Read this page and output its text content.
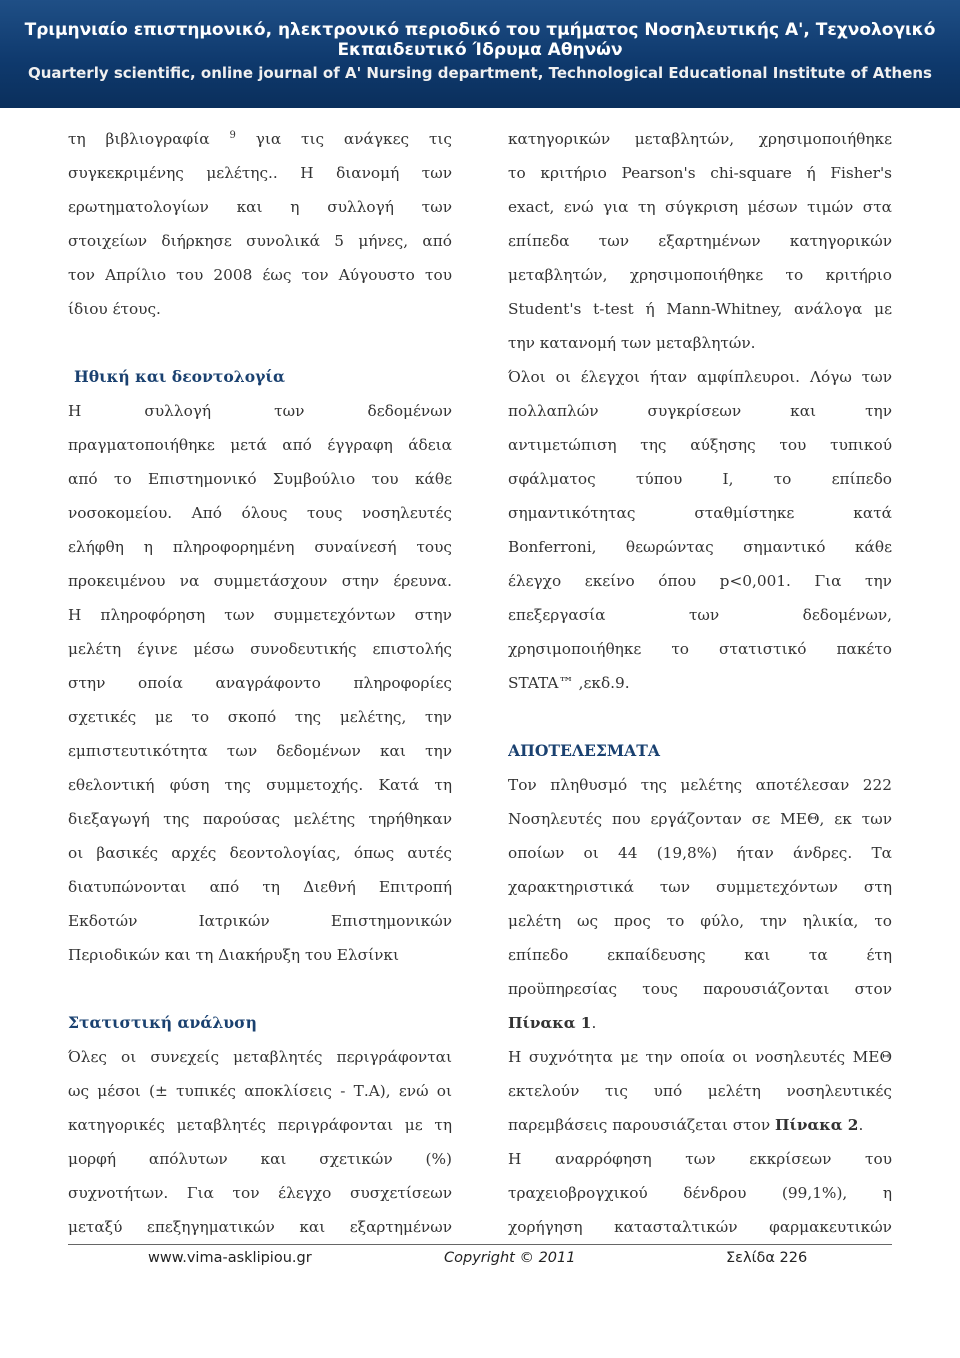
Τριμηνιαίο επιστημονικό, ηλεκτρονικό περιοδικό του τμήματος Νοσηλευτικής Α', Τεχνολογικό Εκπαιδευτικό Ίδρυμα Αθηνών
Quarterly scientific, online journal of A' Nursing department, Technological Educational Institute of Athens
τη βιβλιογραφία $^9$ για τις ανάγκες τις
συγκεκριμένης μελέτης.. Η διανομή των
ερωτηματολογίων και η συλλογή των
στοιχείων διήρκησε συνολικά 5 μήνες, από
τον Απρίλιο του 2008 έως τον Αύγουστο του
ίδιου έτους.
Ηθική και δεοντολογία
Η συλλογή των δεδομένων
πραγματοποιήθηκε μετά από έγγραφη άδεια
από το Επιστημονικό Συμβούλιο του κάθε
νοσοκομείου. Από όλους τους νοσηλευτές
ελήφθη η πληροφορημένη συναίνεσή τους
προκειμένου να συμμετάσχουν στην έρευνα.
Η πληροφόρηση των συμμετεχόντων στην
μελέτη έγινε μέσω συνοδευτικής επιστολής
στην οποία αναγράφοντο πληροφορίες
σχετικές με το σκοπό της μελέτης, την
εμπιστευτικότητα των δεδομένων και την
εθελοντική φύση της συμμετοχής. Κατά τη
διεξαγωγή της παρούσας μελέτης τηρήθηκαν
οι βασικές αρχές δεοντολογίας, όπως αυτές
διατυπώνονται από τη Διεθνή Επιτροπή
Εκδοτών Ιατρικών Επιστημονικών
Περιοδικών και τη Διακήρυξη του Ελσίνκι
Στατιστική ανάλυση
Όλες οι συνεχείς μεταβλητές περιγράφονται
ως μέσοι (± τυπικές αποκλίσεις - Τ.Α), ενώ οι
κατηγορικές μεταβλητές περιγράφονται με τη
μορφή απόλυτων και σχετικών (%)
συχνοτήτων. Για τον έλεγχο συσχετίσεων
μεταξύ επεξηγηματικών και εξαρτημένων
κατηγορικών μεταβλητών, χρησιμοποιήθηκε
το κριτήριο Pearson's chi-square ή Fisher's
exact, ενώ για τη σύγκριση μέσων τιμών στα
επίπεδα των εξαρτημένων κατηγορικών
μεταβλητών, χρησιμοποιήθηκε το κριτήριο
Student's t-test ή Mann-Whitney, ανάλογα με
την κατανομή των μεταβλητών.
Όλοι οι έλεγχοι ήταν αμφίπλευροι. Λόγω των
πολλαπλών συγκρίσεων και την
αντιμετώπιση της αύξησης του τυπικού
σφάλματος τύπου Ι, το επίπεδο
σημαντικότητας σταθμίστηκε κατά
Bonferroni, θεωρώντας σημαντικό κάθε
έλεγχο εκείνο όπου p<0,001. Για την
επεξεργασία των δεδομένων,
χρησιμοποιήθηκε το στατιστικό πακέτο
STATA™ ,εκδ.9.
ΑΠΟΤΕΛΕΣΜΑΤΑ
Τον πληθυσμό της μελέτης αποτέλεσαν 222
Νοσηλευτές που εργάζονταν σε ΜΕΘ, εκ των
οποίων οι 44 (19,8%) ήταν άνδρες. Τα
χαρακτηριστικά των συμμετεχόντων στη
μελέτη ως προς το φύλο, την ηλικία, το
επίπεδο εκπαίδευσης και τα έτη
προϋπηρεσίας τους παρουσιάζονται στον
Πίνακα 1.
Η συχνότητα με την οποία οι νοσηλευτές ΜΕΘ
εκτελούν τις υπό μελέτη νοσηλευτικές
παρεμβάσεις παρουσιάζεται στον Πίνακα 2.
Η αναρρόφηση των εκκρίσεων του
τραχειοβρογχικού δένδρου (99,1%), η
χορήγηση κατασταλτικών φαρμακευτικών
www.vima-asklipiou.gr	Copyright © 2011	Σελίδα 226
